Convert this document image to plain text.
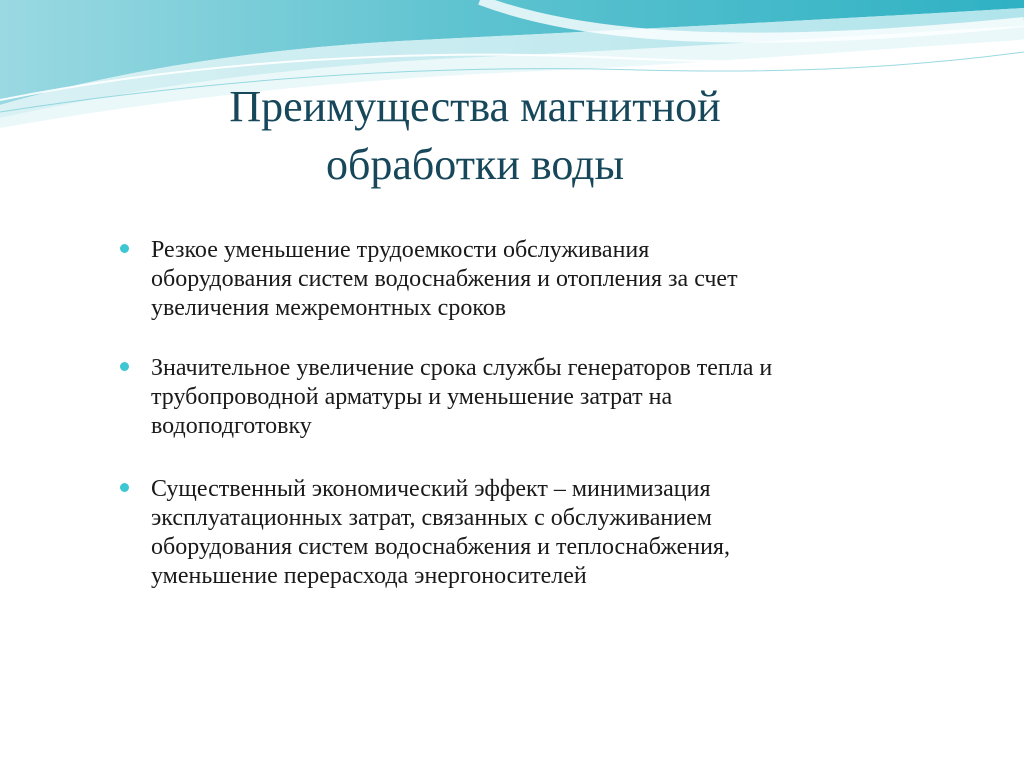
Преимущества магнитной
обработки воды
Резкое уменьшение трудоемкости обслуживания
оборудования систем водоснабжения и отопления за счет
увеличения межремонтных сроков
Значительное увеличение срока службы генераторов тепла и
трубопроводной арматуры и уменьшение затрат на
водоподготовку
Существенный экономический эффект – минимизация
эксплуатационных затрат, связанных с обслуживанием
оборудования систем водоснабжения и теплоснабжения,
уменьшение перерасхода энергоносителей
